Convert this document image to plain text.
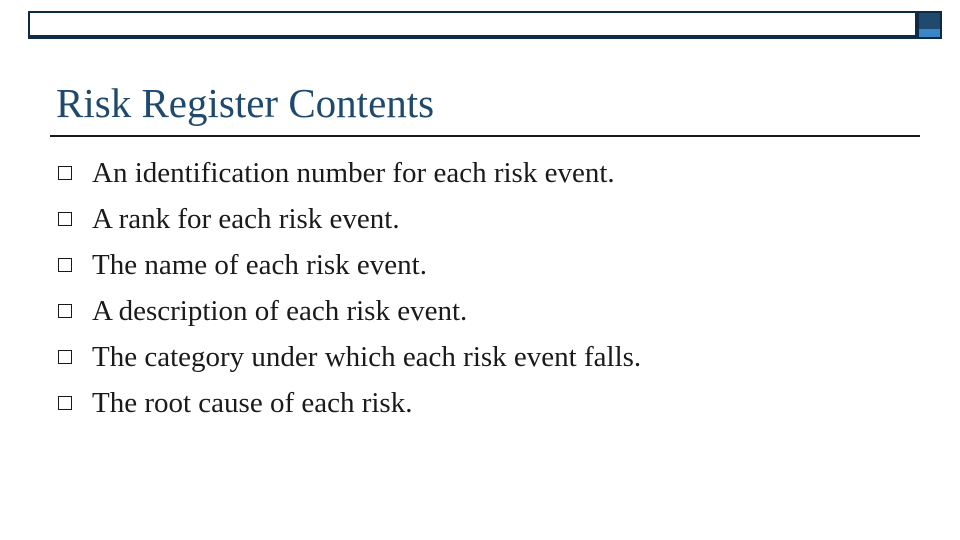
Risk Register Contents
An identification number for each risk event.
A rank for each risk event.
The name of each risk event.
A description of each risk event.
The category under which each risk event falls.
The root cause of each risk.
